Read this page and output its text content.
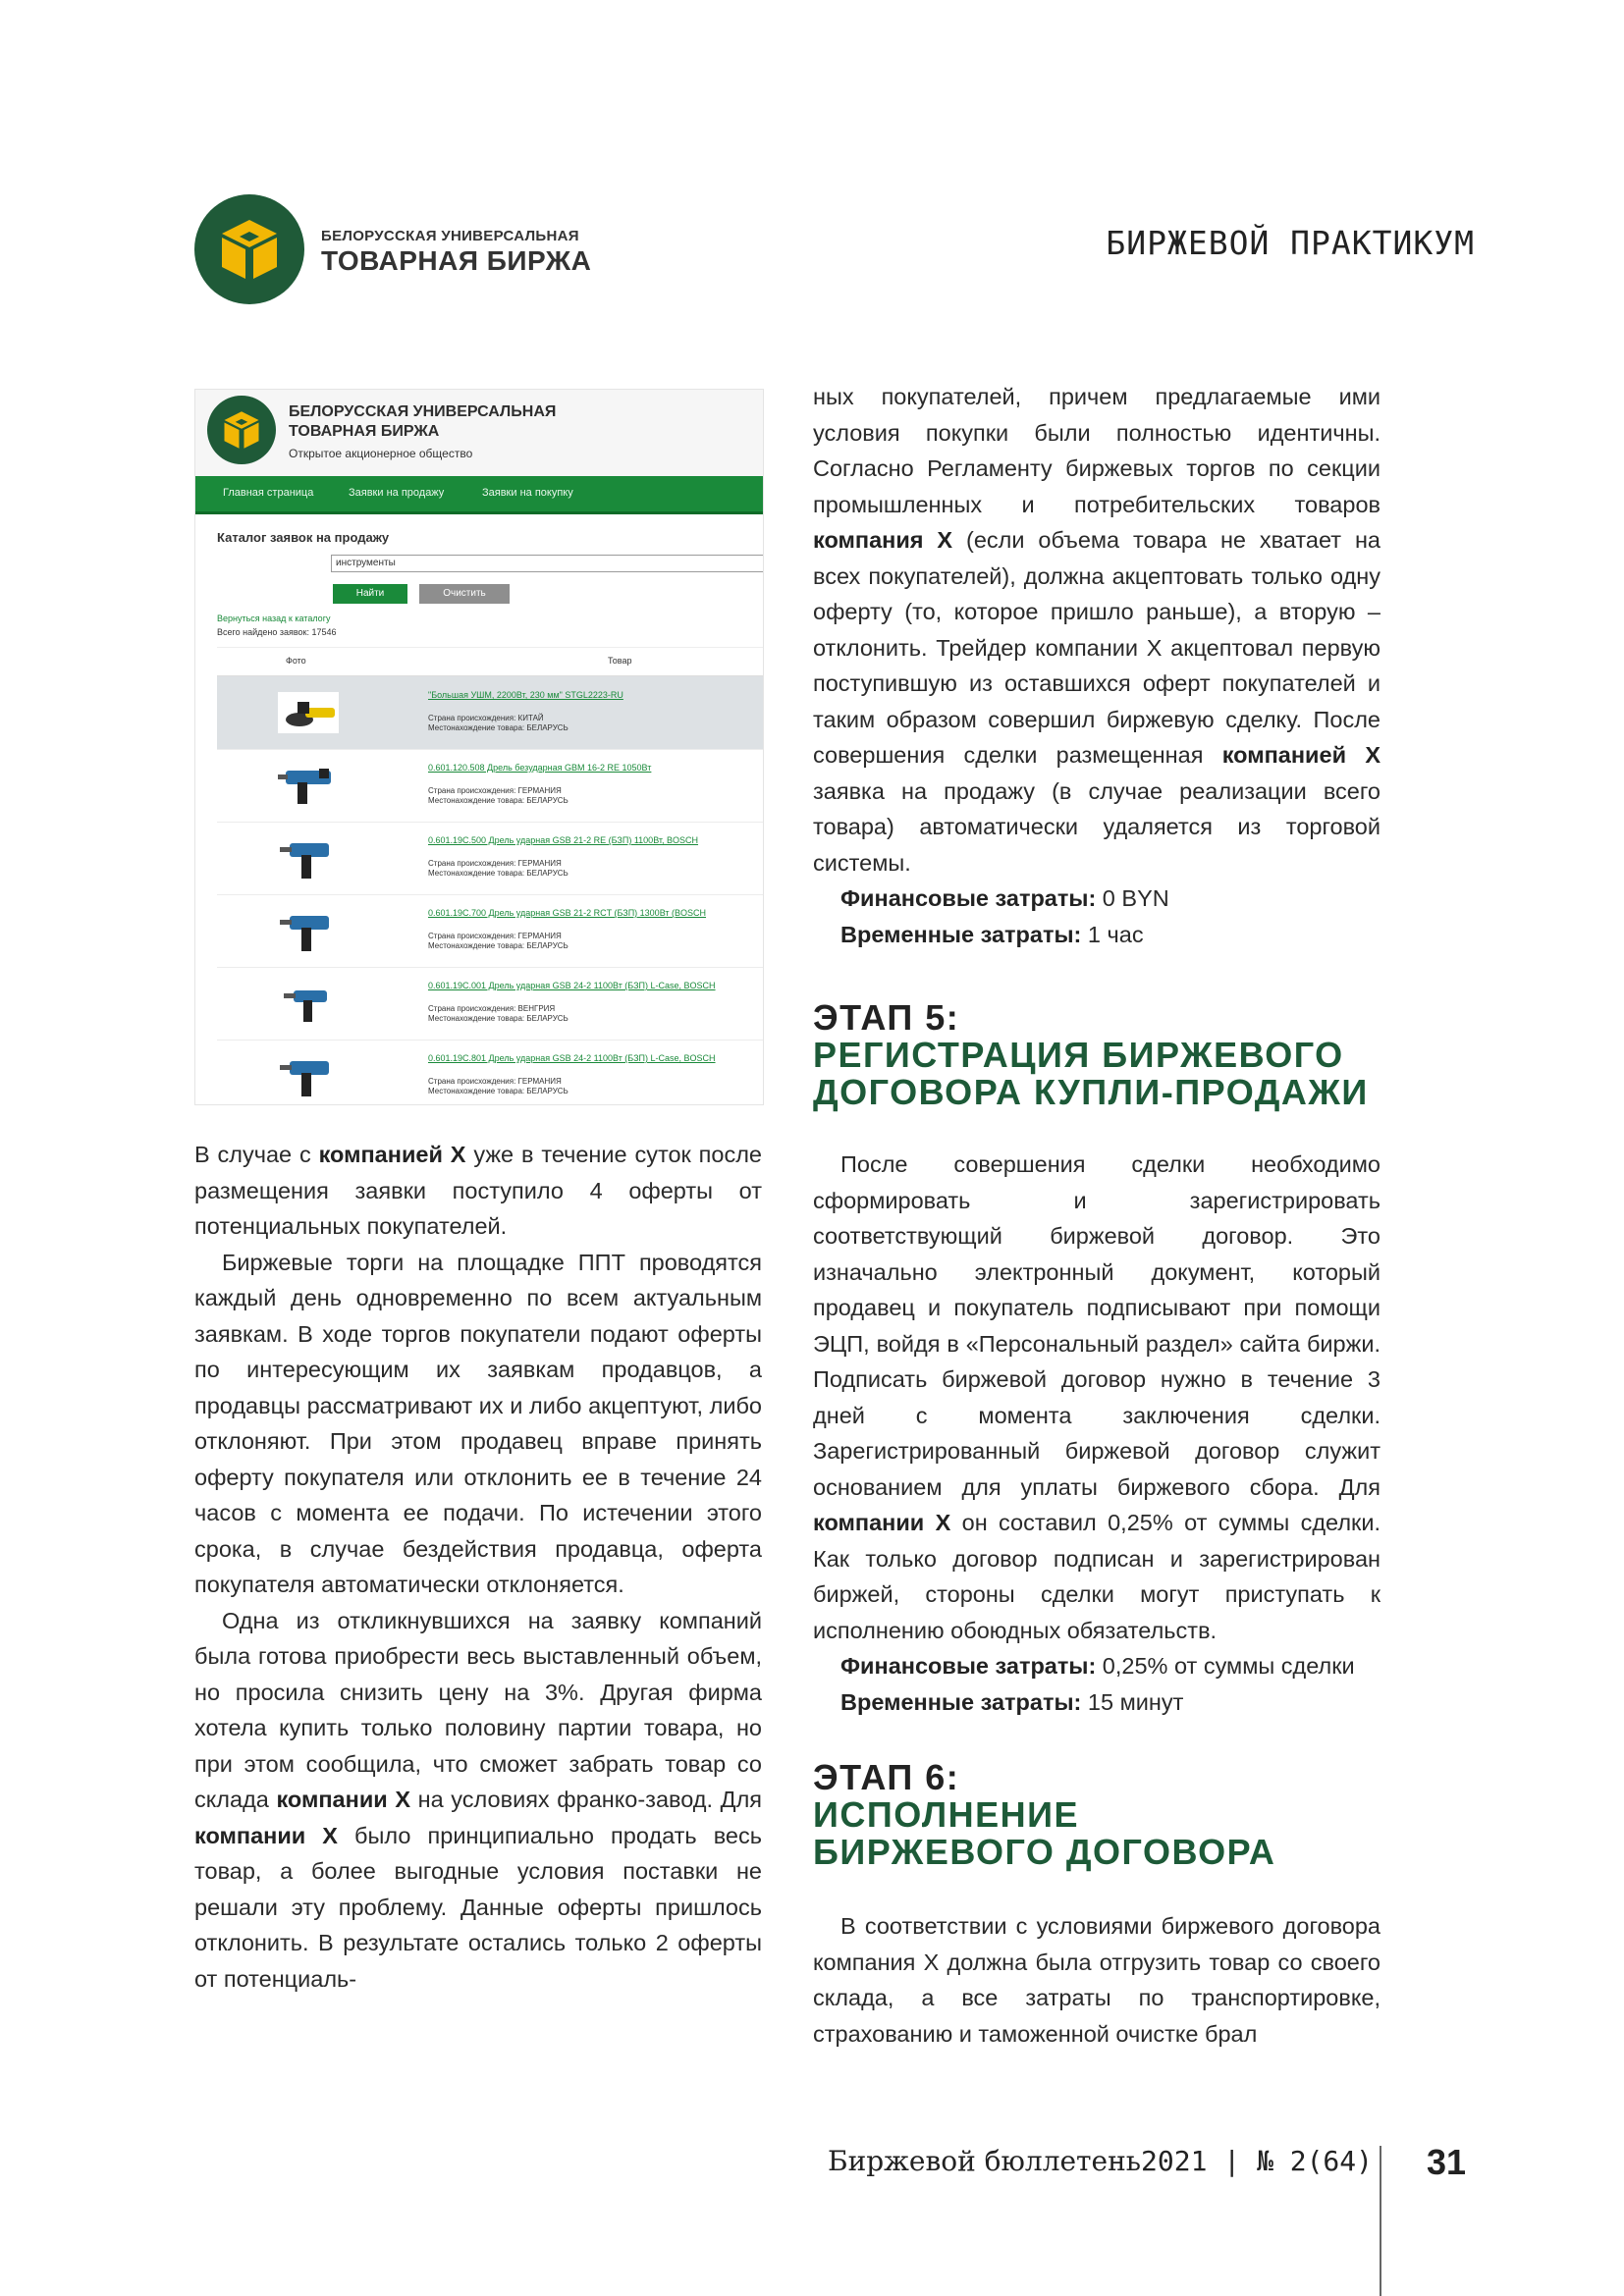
БЕЛОРУССКАЯ УНИВЕРСАЛЬНАЯ
ТОВАРНАЯ БИРЖА	БИРЖЕВОЙ ПРАКТИКУМ
БЕЛОРУССКАЯ УНИВЕРСАЛЬНАЯ
ТОВАРНАЯ БИРЖА
Открытое акционерное общество
Главная страница	Заявки на продажу	Заявки на покупку
Каталог заявок на продажу
инструменты
Найти	Очистить
Вернуться назад к каталогу
Всего найдено заявок: 17546
Фото	Товар
"Большая УШМ, 2200Вт, 230 мм" STGL2223-RU
Страна происхождения: КИТАЙ
Местонахождение товара: БЕЛАРУСЬ
0.601.120.508 Дрель безударная GBM 16-2 RE 1050Вт
Страна происхождения: ГЕРМАНИЯ
Местонахождение товара: БЕЛАРУСЬ
0.601.19C.500 Дрель ударная GSB 21-2 RE (БЗП) 1100Вт, BOSCH
Страна происхождения: ГЕРМАНИЯ
Местонахождение товара: БЕЛАРУСЬ
0.601.19C.700 Дрель ударная GSB 21-2 RCT (БЗП) 1300Вт (BOSCH
Страна происхождения: ГЕРМАНИЯ
Местонахождение товара: БЕЛАРУСЬ
0.601.19C.001 Дрель ударная GSB 24-2 1100Вт (БЗП) L-Case, BOSCH
Страна происхождения: ВЕНГРИЯ
Местонахождение товара: БЕЛАРУСЬ
0.601.19C.801 Дрель ударная GSB 24-2 1100Вт (БЗП) L-Case, BOSCH
Страна происхождения: ГЕРМАНИЯ
Местонахождение товара: БЕЛАРУСЬ

В случае с компанией X уже в течение суток после размещения заявки поступило 4 оферты от потенциальных покупателей.

Биржевые торги на площадке ППТ проводятся каждый день одновременно по всем актуальным заявкам. В ходе торгов покупатели подают оферты по интересующим их заявкам продавцов, а продавцы рассматривают их и либо акцептуют, либо отклоняют. При этом продавец вправе принять оферту покупателя или отклонить ее в течение 24 часов с момента ее подачи. По истечении этого срока, в случае бездействия продавца, оферта покупателя автоматически отклоняется.

Одна из откликнувшихся на заявку компаний была готова приобрести весь выставленный объем, но просила снизить цену на 3%. Другая фирма хотела купить только половину партии товара, но при этом сообщила, что сможет забрать товар со склада компании X на условиях франко-завод. Для компании X было принципиально продать весь товар, а более выгодные условия поставки не решали эту проблему. Данные оферты пришлось отклонить. В результате остались только 2 оферты от потенциаль-

ных покупателей, причем предлагаемые ими условия покупки были полностью идентичны. Согласно Регламенту биржевых торгов по секции промышленных и потребительских товаров компания X (если объема товара не хватает на всех покупателей), должна акцептовать только одну оферту (то, которое пришло раньше), а вторую – отклонить. Трейдер компании X акцептовал первую поступившую из оставшихся оферт покупателей и таким образом совершил биржевую сделку. После совершения сделки размещенная компанией X заявка на продажу (в случае реализации всего товара) автоматически удаляется из торговой системы.

Финансовые затраты: 0 BYN

Временные затраты: 1 час

ЭТАП 5:
РЕГИСТРАЦИЯ БИРЖЕВОГО
ДОГОВОРА КУПЛИ-ПРОДАЖИ

После совершения сделки необходимо сформировать и зарегистрировать соответствующий биржевой договор. Это изначально электронный документ, который продавец и покупатель подписывают при помощи ЭЦП, войдя в «Персональный раздел» сайта биржи. Подписать биржевой договор нужно в течение 3 дней с момента заключения сделки. Зарегистрированный биржевой договор служит основанием для уплаты биржевого сбора. Для компании X он составил 0,25% от суммы сделки. Как только договор подписан и зарегистрирован биржей, стороны сделки могут приступать к исполнению обоюдных обязательств.

Финансовые затраты: 0,25% от суммы сделки

Временные затраты: 15 минут

ЭТАП 6:
ИСПОЛНЕНИЕ
БИРЖЕВОГО ДОГОВОРА

В соответствии с условиями биржевого договора компания X должна была отгрузить товар со своего склада, а все затраты по транспортировке, страхованию и таможенной очистке брал

Биржевой бюллетень 2021 | № 2(64) 31
